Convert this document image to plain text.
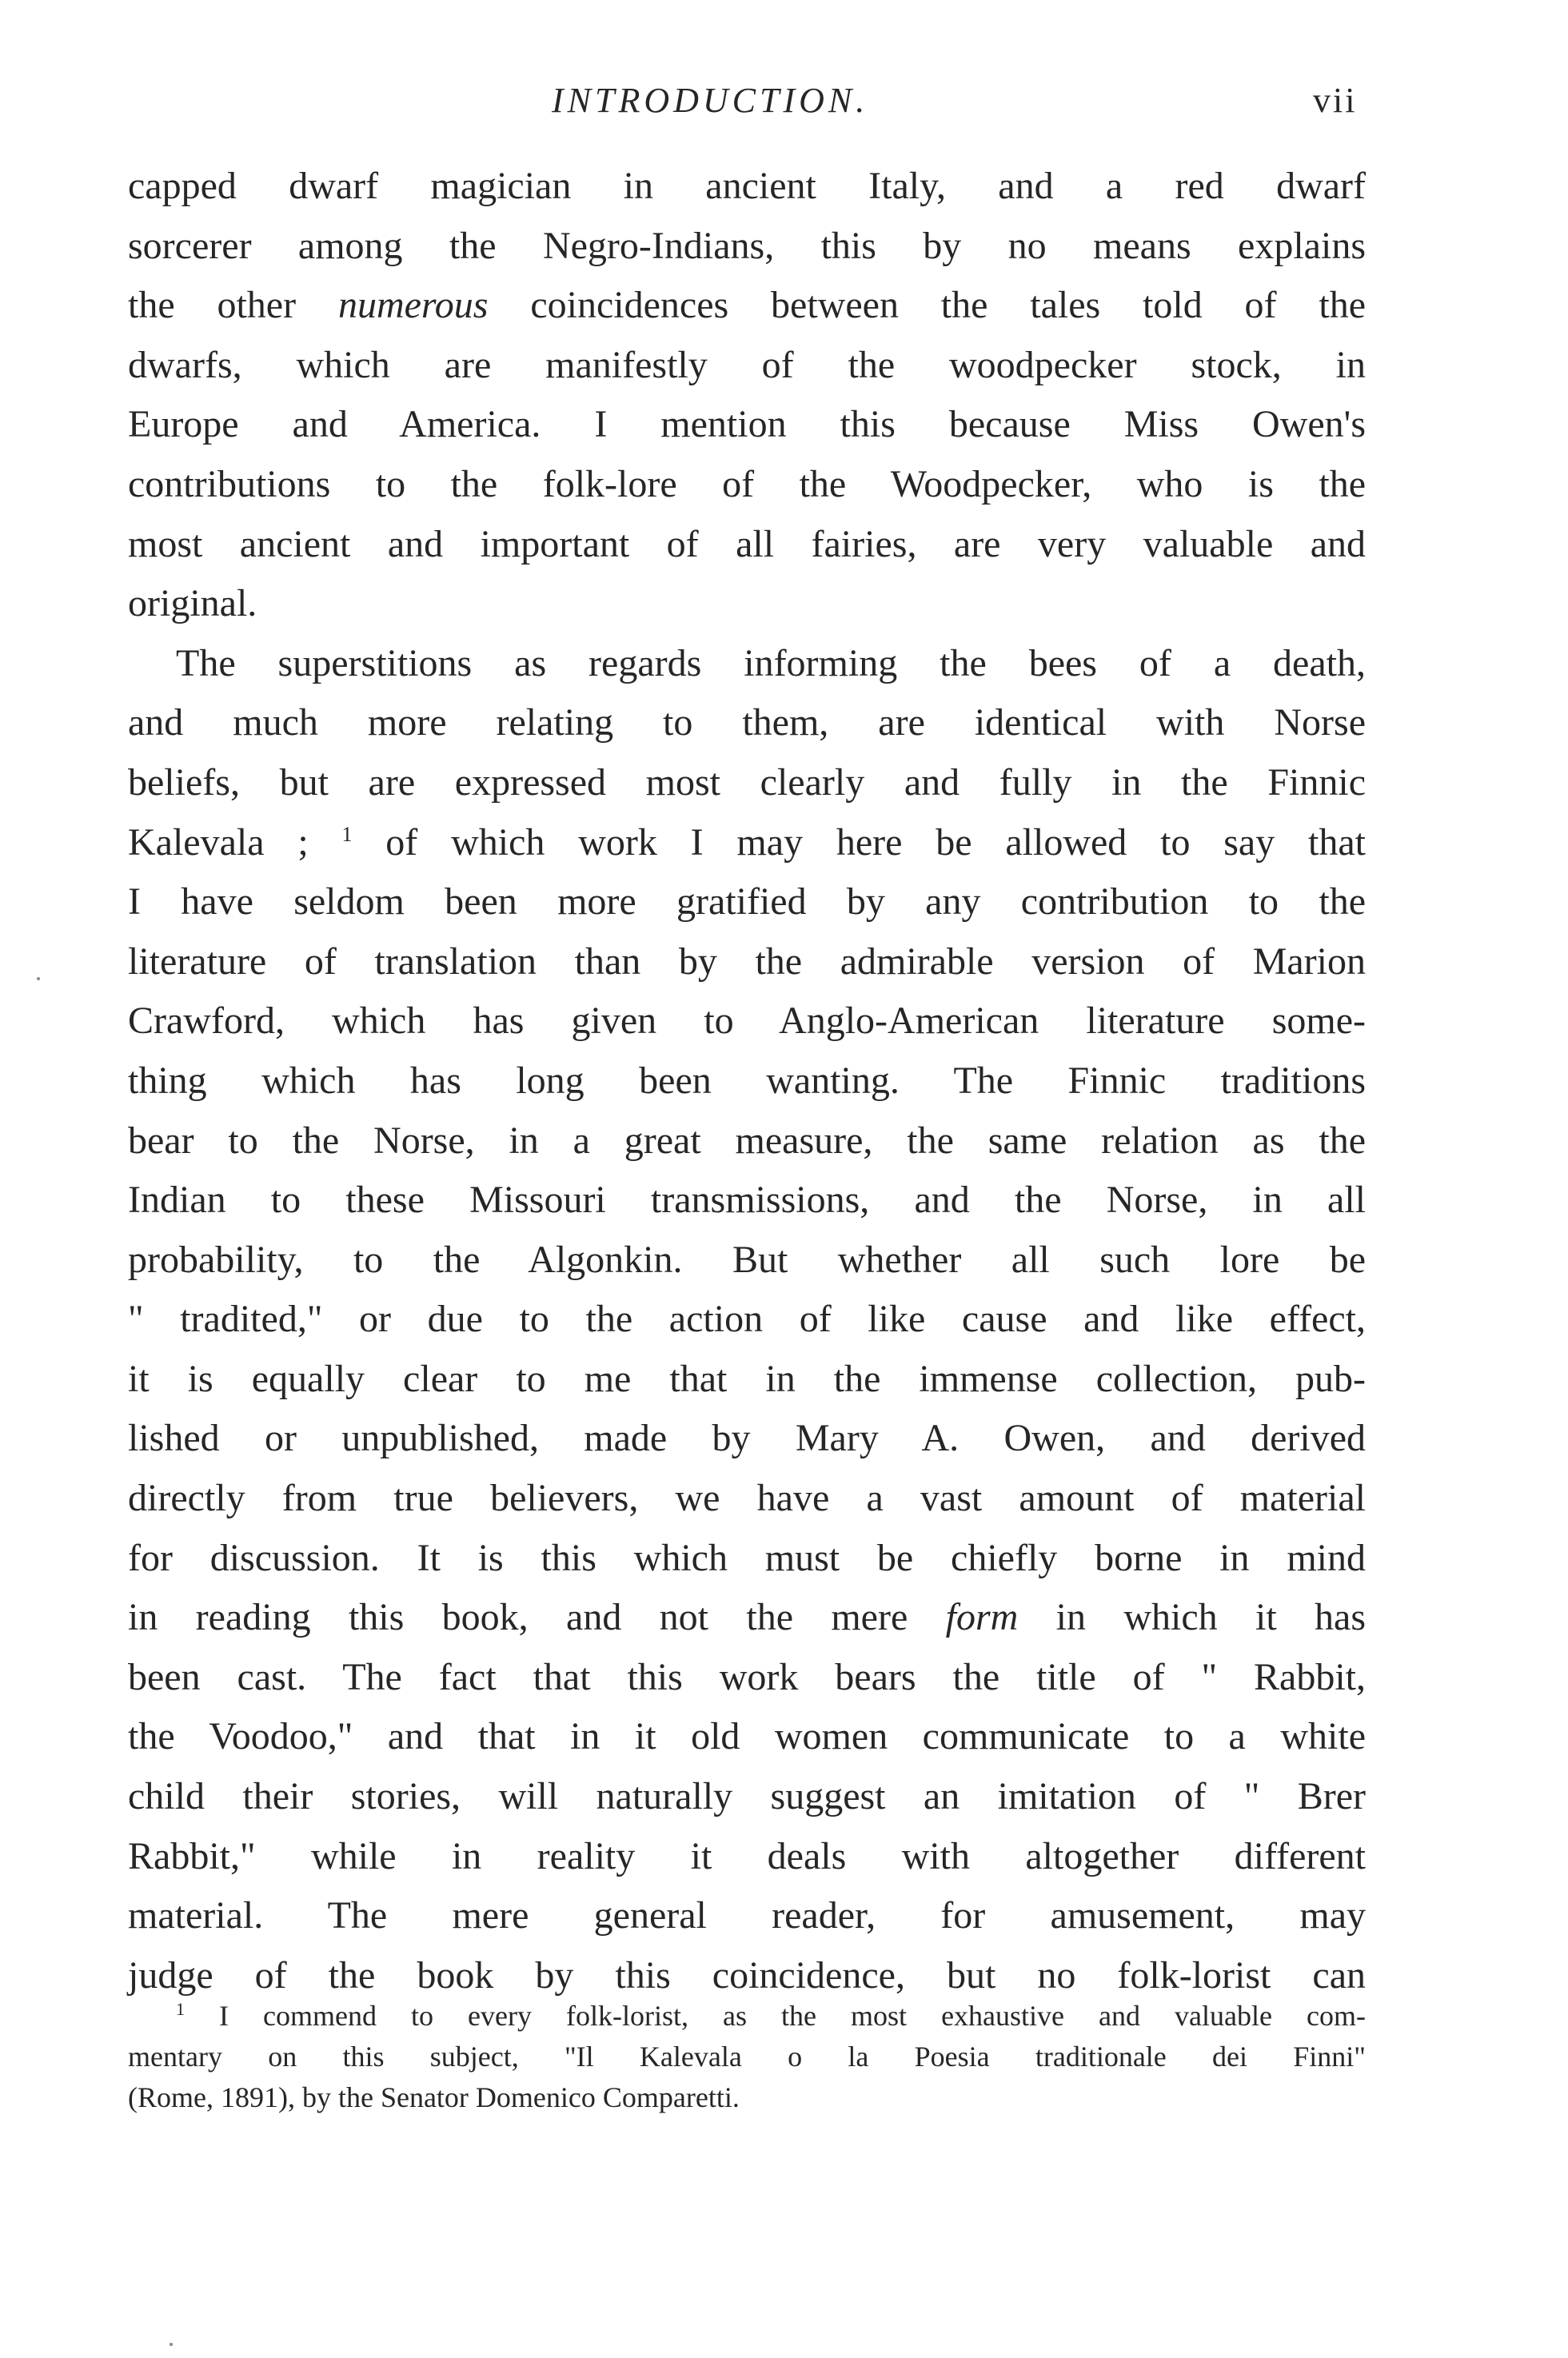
INTRODUCTION.	vii
capped dwarf magician in ancient Italy, and a red dwarf
sorcerer among the Negro-Indians, this by no means explains
the other numerous coincidences between the tales told of the
dwarfs, which are manifestly of the woodpecker stock, in
Europe and America. I mention this because Miss Owen's
contributions to the folk-lore of the Woodpecker, who is the
most ancient and important of all fairies, are very valuable and
original.
The superstitions as regards informing the bees of a death,
and much more relating to them, are identical with Norse
beliefs, but are expressed most clearly and fully in the Finnic
Kalevala ; $^1$ of which work I may here be allowed to say that
I have seldom been more gratified by any contribution to the
literature of translation than by the admirable version of Marion
Crawford, which has given to Anglo-American literature some-
thing which has long been wanting. The Finnic traditions
bear to the Norse, in a great measure, the same relation as the
Indian to these Missouri transmissions, and the Norse, in all
probability, to the Algonkin. But whether all such lore be
" tradited," or due to the action of like cause and like effect,
it is equally clear to me that in the immense collection, pub-
lished or unpublished, made by Mary A. Owen, and derived
directly from true believers, we have a vast amount of material
for discussion. It is this which must be chiefly borne in mind
in reading this book, and not the mere form in which it has
been cast. The fact that this work bears the title of " Rabbit,
the Voodoo," and that in it old women communicate to a white
child their stories, will naturally suggest an imitation of " Brer
Rabbit," while in reality it deals with altogether different
material. The mere general reader, for amusement, may
judge of the book by this coincidence, but no folk-lorist can
$^1$ I commend to every folk-lorist, as the most exhaustive and valuable com-
mentary on this subject, "Il Kalevala o la Poesia traditionale dei Finni"
(Rome, 1891), by the Senator Domenico Comparetti.
